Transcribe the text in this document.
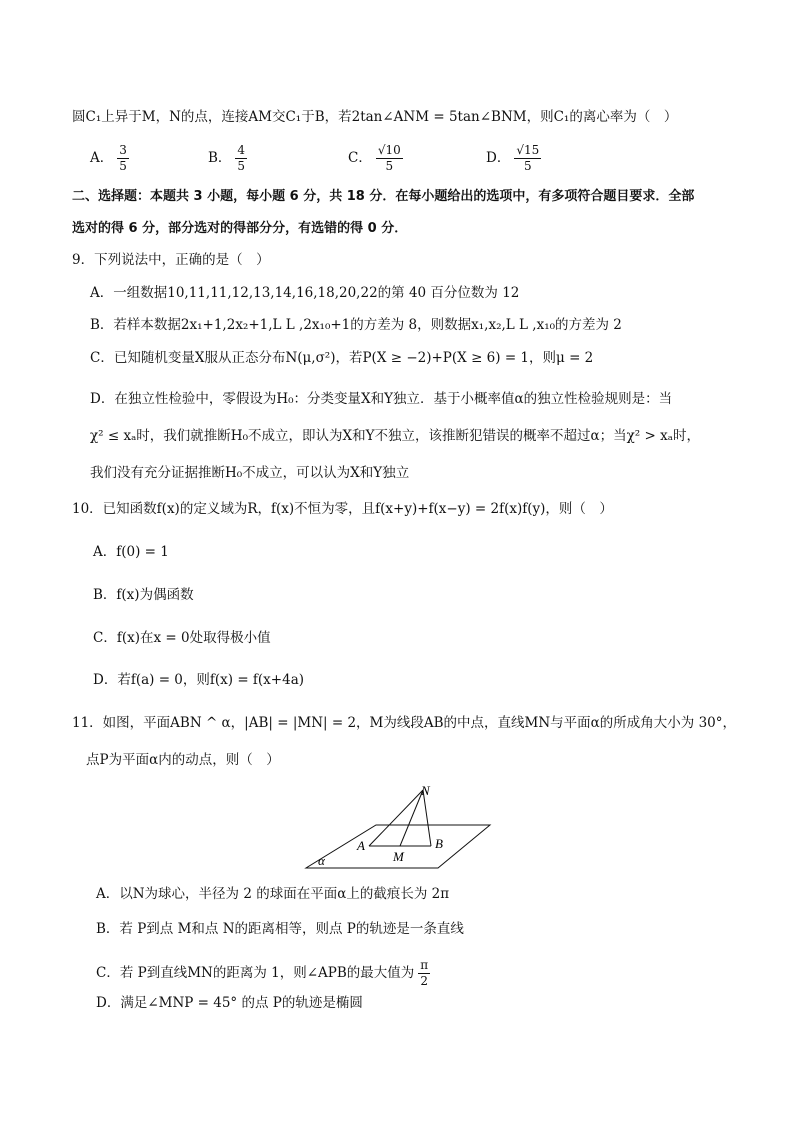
圆C₁上异于M，N的点，连接AM交C₁于B，若2tan∠ANM = 5tan∠BNM，则C₁的离心率为（　）
A． $\frac{3}{5}$	B． $\frac{4}{5}$	C． $\frac{√10}{5}$	D． $\frac{√15}{5}$
二、选择题：本题共 3 小题，每小题 6 分，共 18 分．在每小题给出的选项中，有多项符合题目要求．全部
选对的得 6 分，部分选对的得部分分，有选错的得 0 分．
9．下列说法中，正确的是（　）
A．一组数据10,11,11,12,13,14,16,18,20,22的第 40 百分位数为 12
B．若样本数据2x₁+1,2x₂+1,L L ,2x₁₀+1的方差为 8，则数据x₁,x₂,L L ,x₁₀的方差为 2
C．已知随机变量X服从正态分布N(μ,σ²)，若P(X ≥ −2)+P(X ≥ 6) = 1，则μ = 2
D．在独立性检验中，零假设为H₀：分类变量X和Y独立．基于小概率值α的独立性检验规则是：当
χ² ≤ xₐ时，我们就推断H₀不成立，即认为X和Y不独立，该推断犯错误的概率不超过α；当χ² > xₐ时，
我们没有充分证据推断H₀不成立，可以认为X和Y独立
10．已知函数f(x)的定义域为R，f(x)不恒为零，且f(x+y)+f(x−y) = 2f(x)f(y)，则（　）
A．f(0) = 1
B．f(x)为偶函数
C．f(x)在x = 0处取得极小值
D．若f(a) = 0，则f(x) = f(x+4a)
11．如图，平面ABN ^ α，|AB| = |MN| = 2，M为线段AB的中点，直线MN与平面α的所成角大小为 30°，
点P为平面α内的动点，则（　）
N
A
M
B
α
A．以N为球心，半径为 2 的球面在平面α上的截痕长为 2π
B．若 P到点 M和点 N的距离相等，则点 P的轨迹是一条直线
C．若 P到直线MN的距离为 1，则∠APB的最大值为 $\frac{\pi}{2}$
D．满足∠MNP = 45° 的点 P的轨迹是椭圆
